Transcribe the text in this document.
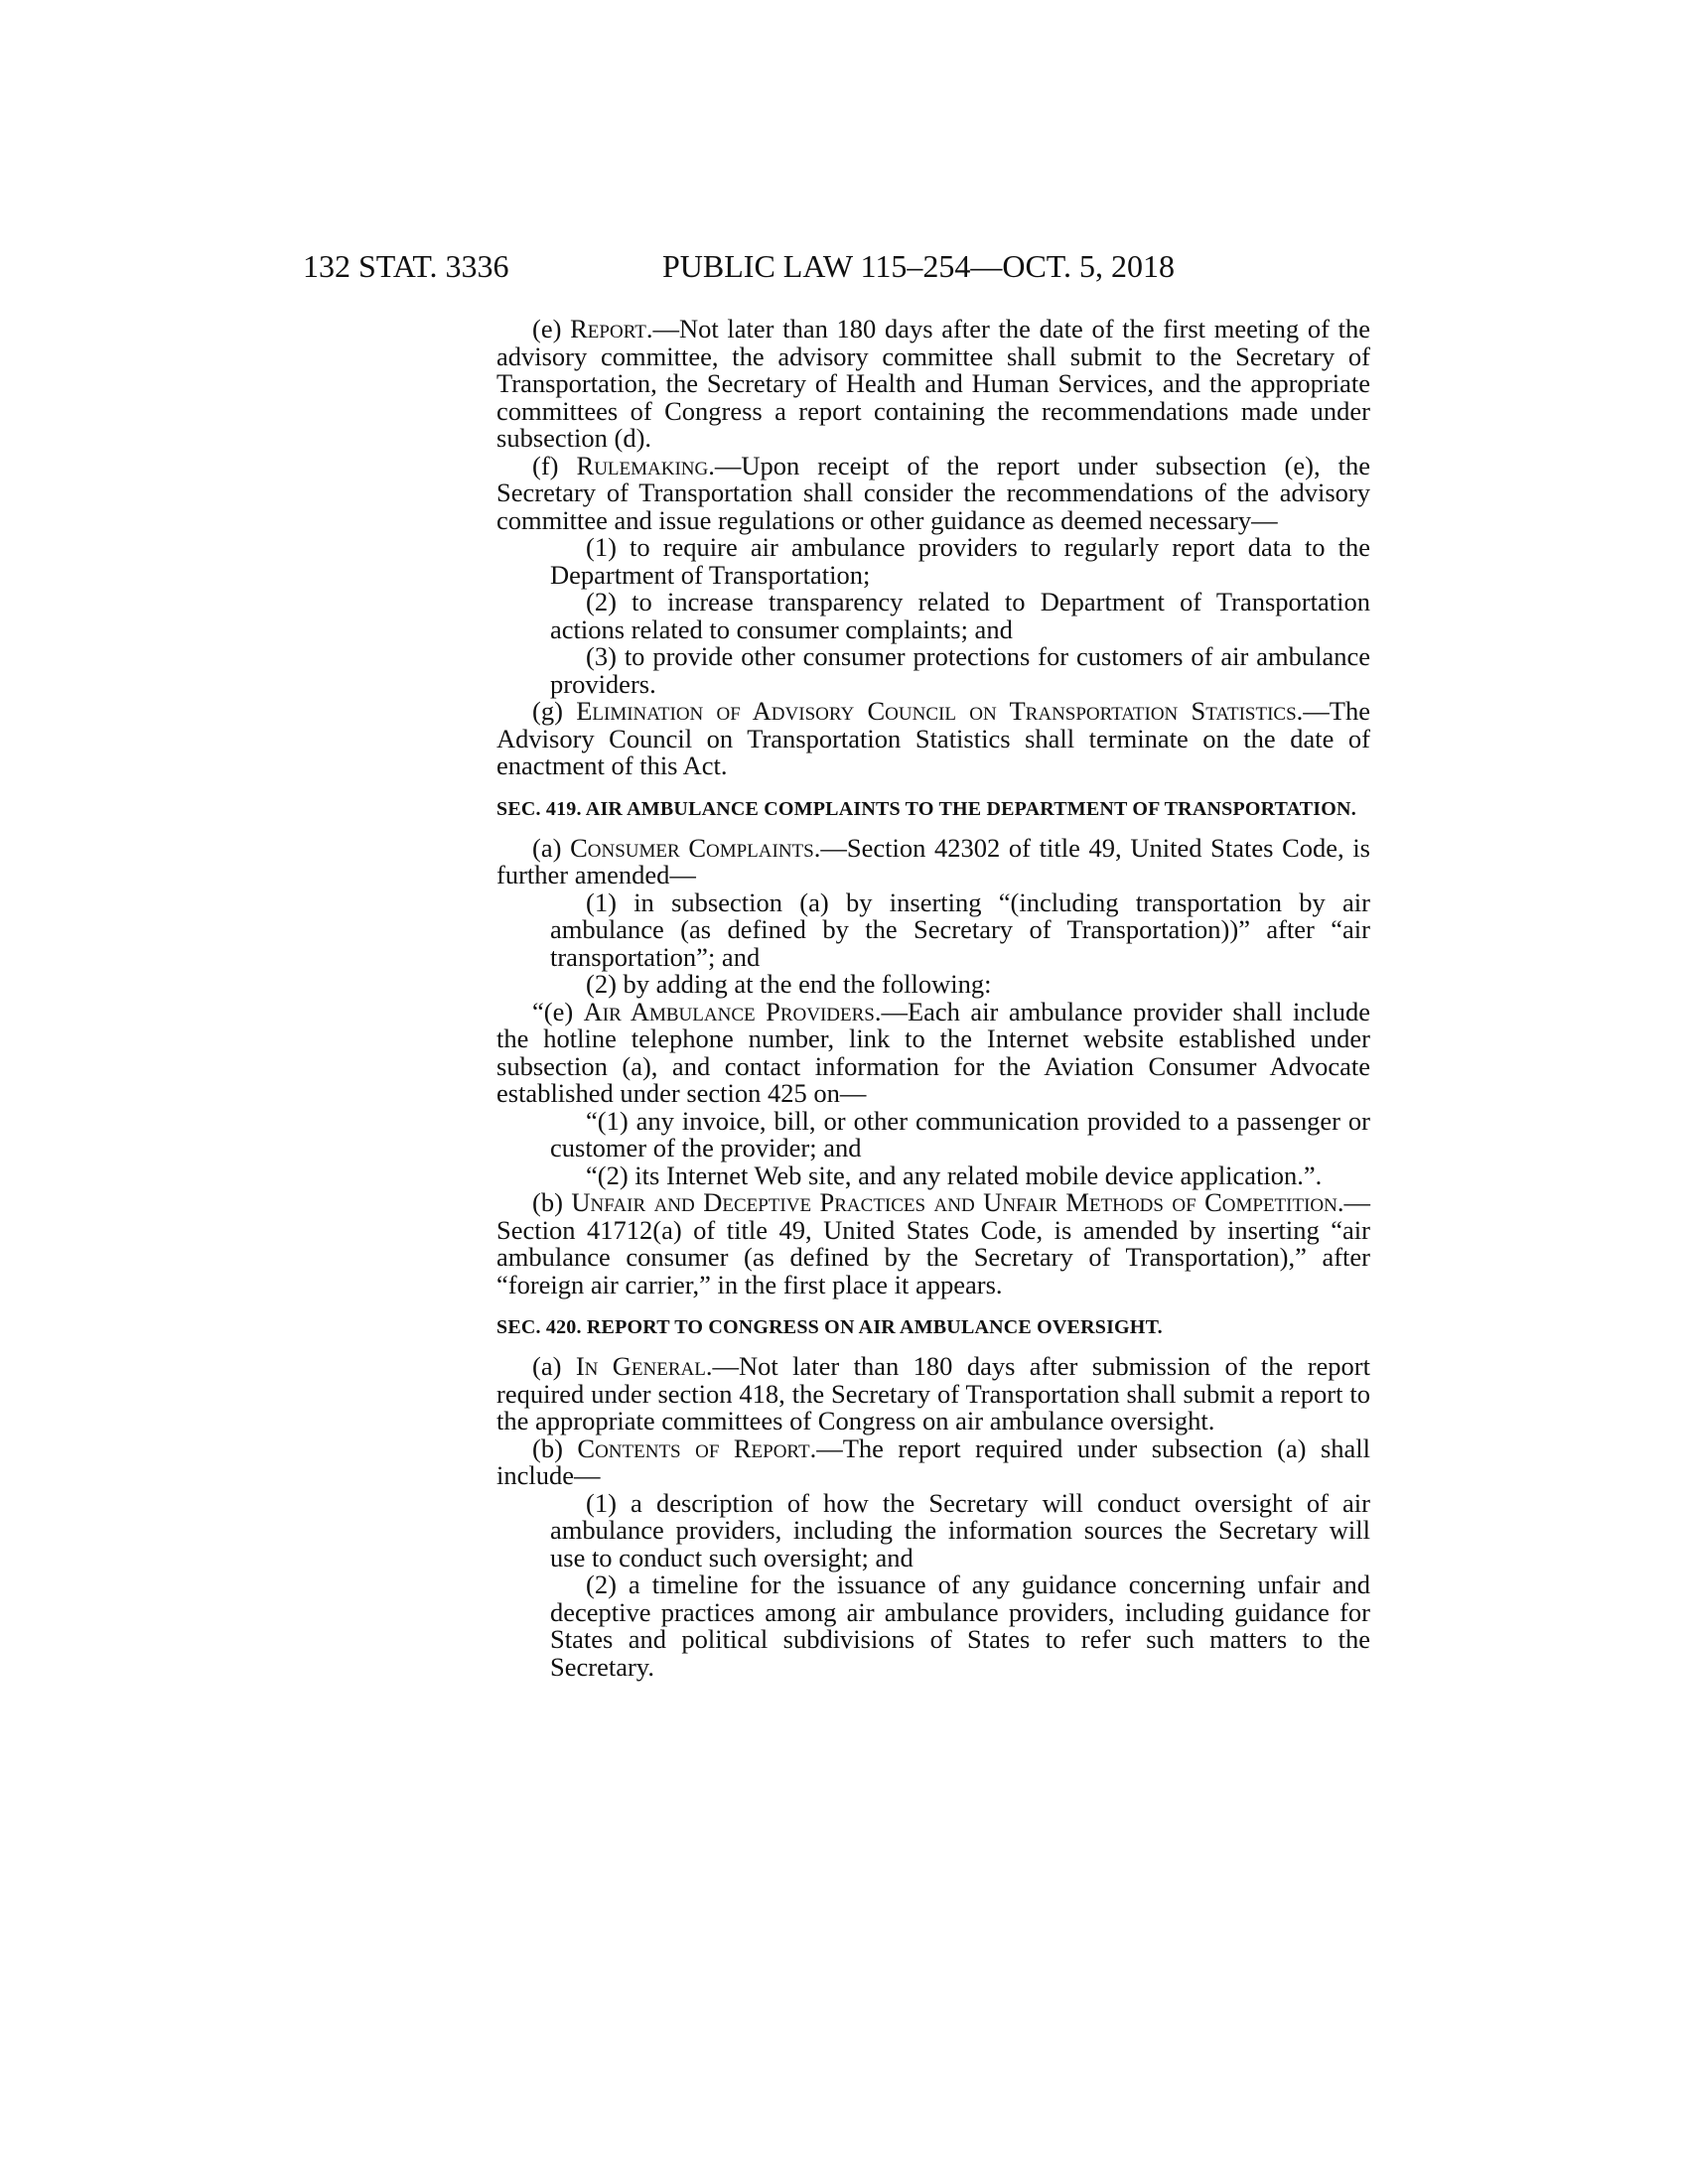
132 STAT. 3336	PUBLIC LAW 115–254—OCT. 5, 2018

(e) Report.—Not later than 180 days after the date of the first meeting of the advisory committee, the advisory committee shall submit to the Secretary of Transportation, the Secretary of Health and Human Services, and the appropriate committees of Congress a report containing the recommendations made under subsection (d).

(f) Rulemaking.—Upon receipt of the report under subsection (e), the Secretary of Transportation shall consider the recommendations of the advisory committee and issue regulations or other guidance as deemed necessary—

(1) to require air ambulance providers to regularly report data to the Department of Transportation;

(2) to increase transparency related to Department of Transportation actions related to consumer complaints; and

(3) to provide other consumer protections for customers of air ambulance providers.

(g) Elimination of Advisory Council on Transportation Statistics.—The Advisory Council on Transportation Statistics shall terminate on the date of enactment of this Act.

SEC. 419. AIR AMBULANCE COMPLAINTS TO THE DEPARTMENT OF TRANSPORTATION.

(a) Consumer Complaints.—Section 42302 of title 49, United States Code, is further amended—

(1) in subsection (a) by inserting “(including transportation by air ambulance (as defined by the Secretary of Transportation))” after “air transportation”; and

(2) by adding at the end the following:

“(e) Air Ambulance Providers.—Each air ambulance provider shall include the hotline telephone number, link to the Internet website established under subsection (a), and contact information for the Aviation Consumer Advocate established under section 425 on—

“(1) any invoice, bill, or other communication provided to a passenger or customer of the provider; and

“(2) its Internet Web site, and any related mobile device application.”.

(b) Unfair and Deceptive Practices and Unfair Methods of Competition.—Section 41712(a) of title 49, United States Code, is amended by inserting “air ambulance consumer (as defined by the Secretary of Transportation),” after “foreign air carrier,” in the first place it appears.

SEC. 420. REPORT TO CONGRESS ON AIR AMBULANCE OVERSIGHT.

(a) In General.—Not later than 180 days after submission of the report required under section 418, the Secretary of Transportation shall submit a report to the appropriate committees of Congress on air ambulance oversight.

(b) Contents of Report.—The report required under subsection (a) shall include—

(1) a description of how the Secretary will conduct oversight of air ambulance providers, including the information sources the Secretary will use to conduct such oversight; and

(2) a timeline for the issuance of any guidance concerning unfair and deceptive practices among air ambulance providers, including guidance for States and political subdivisions of States to refer such matters to the Secretary.
